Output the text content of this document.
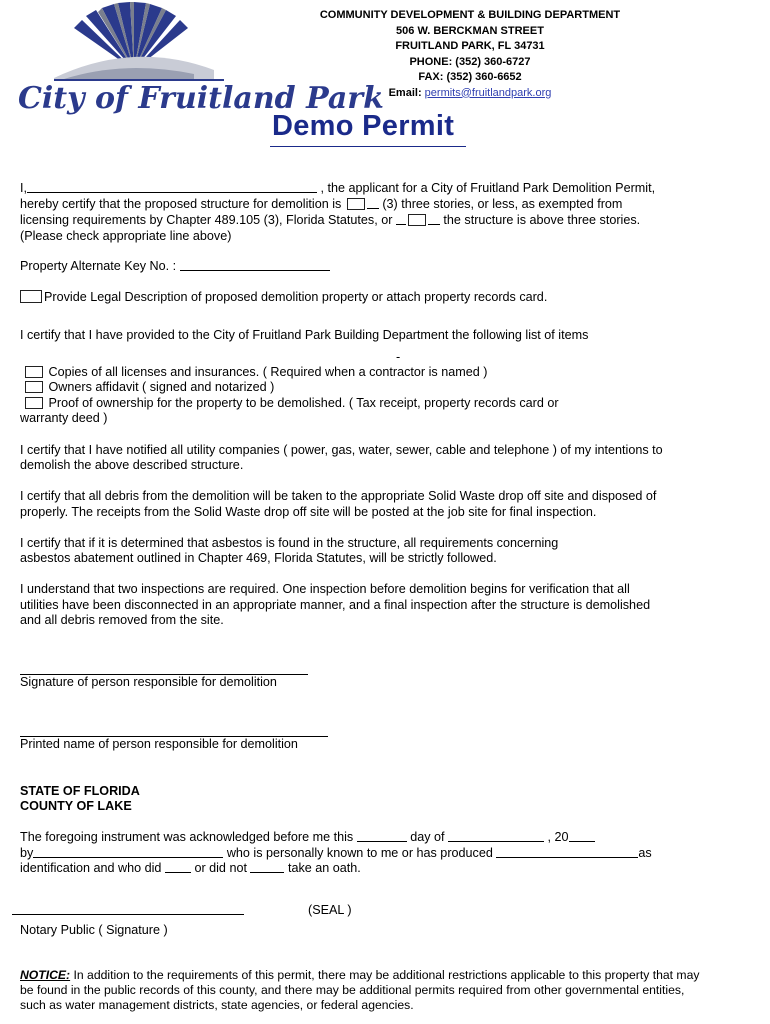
City of Fruitland Park
COMMUNITY DEVELOPMENT & BUILDING DEPARTMENT
506 W. BERCKMAN STREET
FRUITLAND PARK, FL 34731
PHONE: (352) 360-6727
FAX: (352) 360-6652
Email: permits@fruitlandpark.org
Demo Permit
I,	, the applicant for a City of Fruitland Park Demolition Permit,
hereby certify that the proposed structure for demolition is	(3) three stories, or less, as exempted from
licensing requirements by Chapter 489.105 (3), Florida Statutes, or	the structure is above three stories.
(Please check appropriate line above)
Property Alternate Key No. :
Provide Legal Description of proposed demolition property or attach property records card.
I certify that I have provided to the City of Fruitland Park Building Department the following list of items
-
Copies of all licenses and insurances. ( Required when a contractor is named )
Owners affidavit ( signed and notarized )
Proof of ownership for the property to be demolished. ( Tax receipt, property records card or
warranty deed )
I certify that I have notified all utility companies ( power, gas, water, sewer, cable and telephone ) of my intentions to
demolish the above described structure.
I certify that all debris from the demolition will be taken to the appropriate Solid Waste drop off site and disposed of
properly. The receipts from the Solid Waste drop off site will be posted at the job site for final inspection.
I certify that if it is determined that asbestos is found in the structure, all requirements concerning
asbestos abatement outlined in Chapter 469, Florida Statutes, will be strictly followed.
I understand that two inspections are required. One inspection before demolition begins for verification that all
utilities have been disconnected in an appropriate manner, and a final inspection after the structure is demolished
and all debris removed from the site.
Signature of person responsible for demolition
Printed name of person responsible for demolition
STATE OF FLORIDA
COUNTY OF LAKE
The foregoing instrument was acknowledged before me this	day of	, 20
by	who is personally known to me or has produced	as
identification and who did	or did not	take an oath.
(SEAL )
Notary Public ( Signature )
NOTICE: In addition to the requirements of this permit, there may be additional restrictions applicable to this property that may
be found in the public records of this county, and there may be additional permits required from other governmental entities,
such as water management districts, state agencies, or federal agencies.
